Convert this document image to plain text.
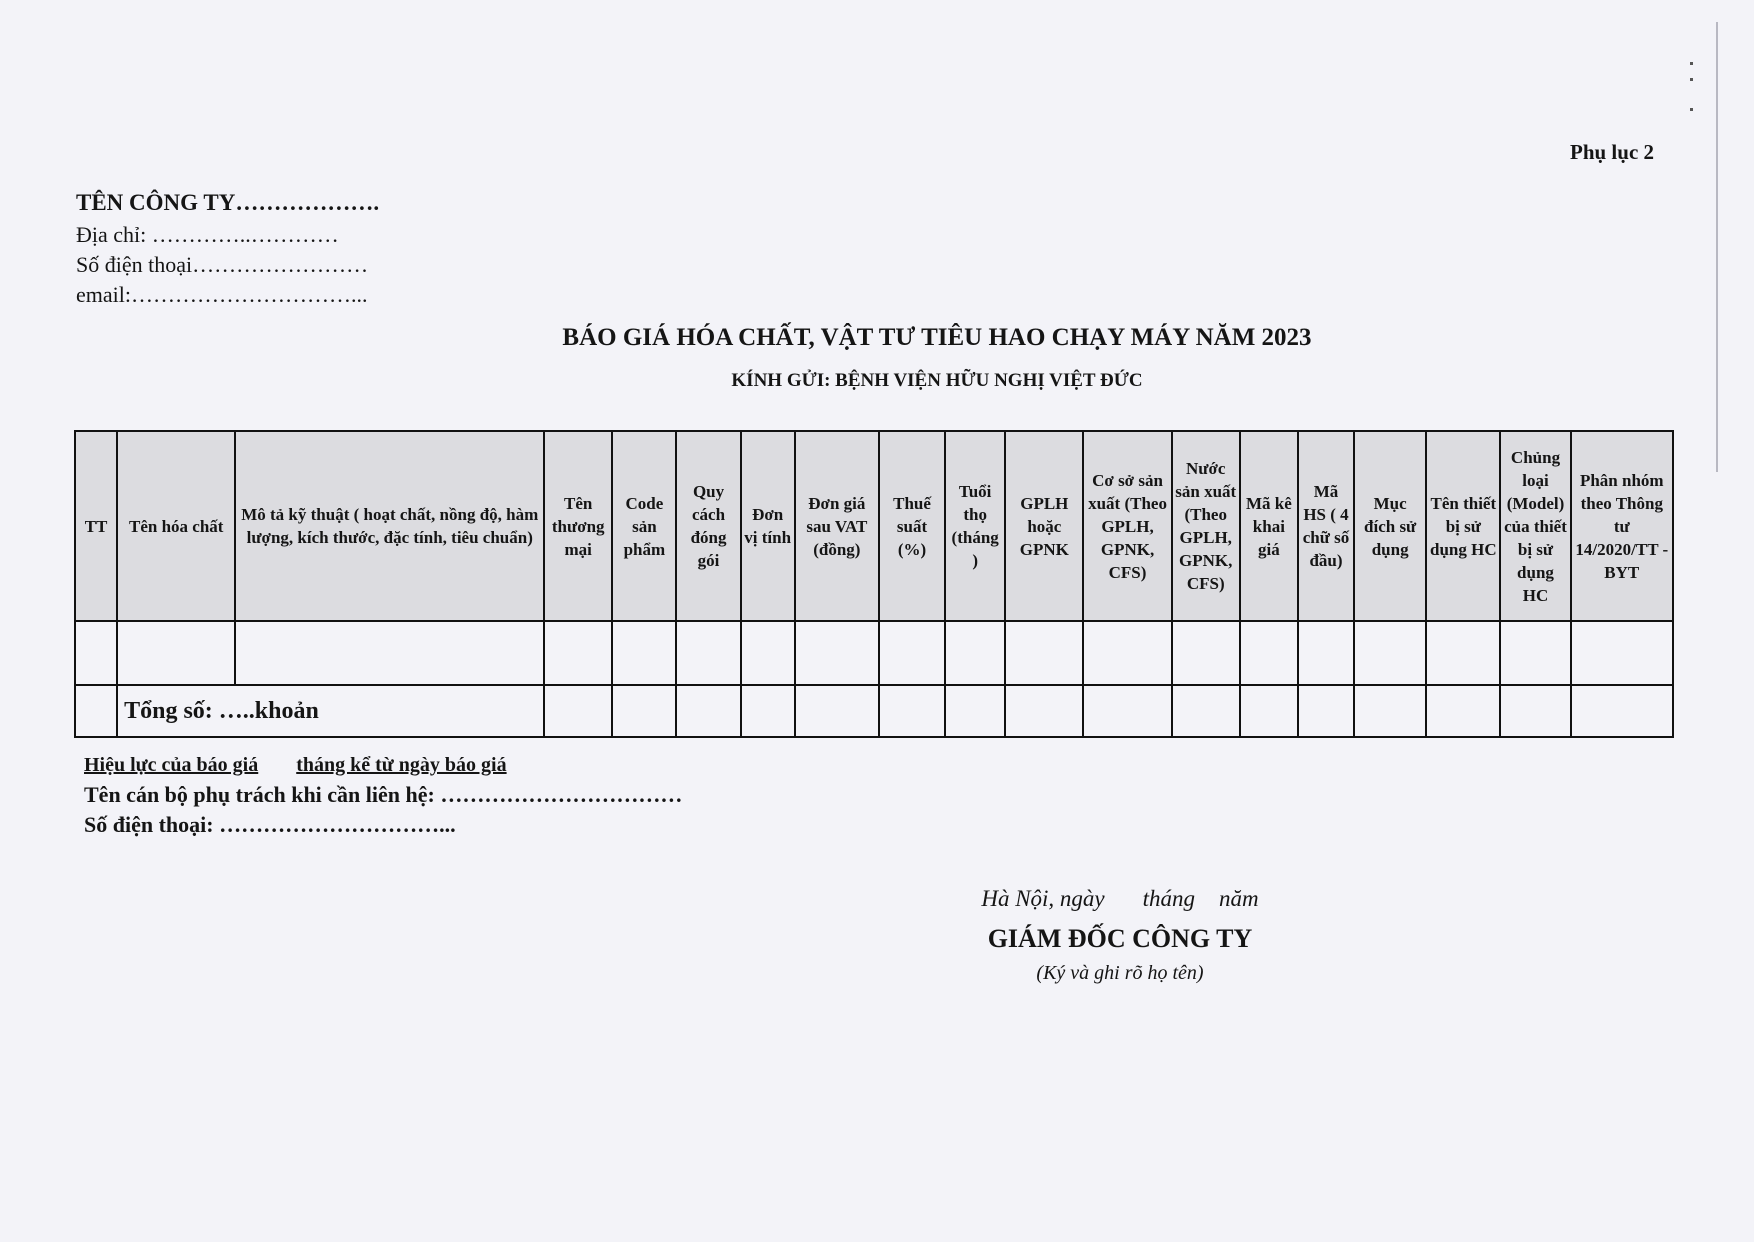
Phụ lục 2
TÊN CÔNG TY……………….
Địa chỉ: …………..…………
Số điện thoại……………………
email:…………………………...
BÁO GIÁ HÓA CHẤT, VẬT TƯ TIÊU HAO CHẠY MÁY NĂM 2023
KÍNH GỬI: BỆNH VIỆN HỮU NGHỊ VIỆT ĐỨC
TT	Tên hóa chất	Mô tả kỹ thuật ( hoạt chất, nồng độ, hàm lượng, kích thước, đặc tính, tiêu chuẩn)	Tên thương mại	Code sản phẩm	Quy cách đóng gói	Đơn vị tính	Đơn giá sau VAT (đồng)	Thuế suất (%)	Tuổi thọ (tháng )	GPLH hoặc GPNK	Cơ sở sản xuất (Theo GPLH, GPNK, CFS)	Nước sản xuất (Theo GPLH, GPNK, CFS)	Mã kê khai giá	Mã HS ( 4 chữ số đầu)	Mục đích sử dụng	Tên thiết bị sử dụng HC	Chủng loại (Model) của thiết bị sử dụng HC	Phân nhóm theo Thông tư 14/2020/TT -BYT

	Tổng số: …..khoản																	
Hiệu lực của báo giá tháng kể từ ngày báo giá
Tên cán bộ phụ trách khi cần liên hệ: ……………………………
Số điện thoại: …………………………...
Hà Nội, ngày tháng năm
GIÁM ĐỐC CÔNG TY
(Ký và ghi rõ họ tên)
